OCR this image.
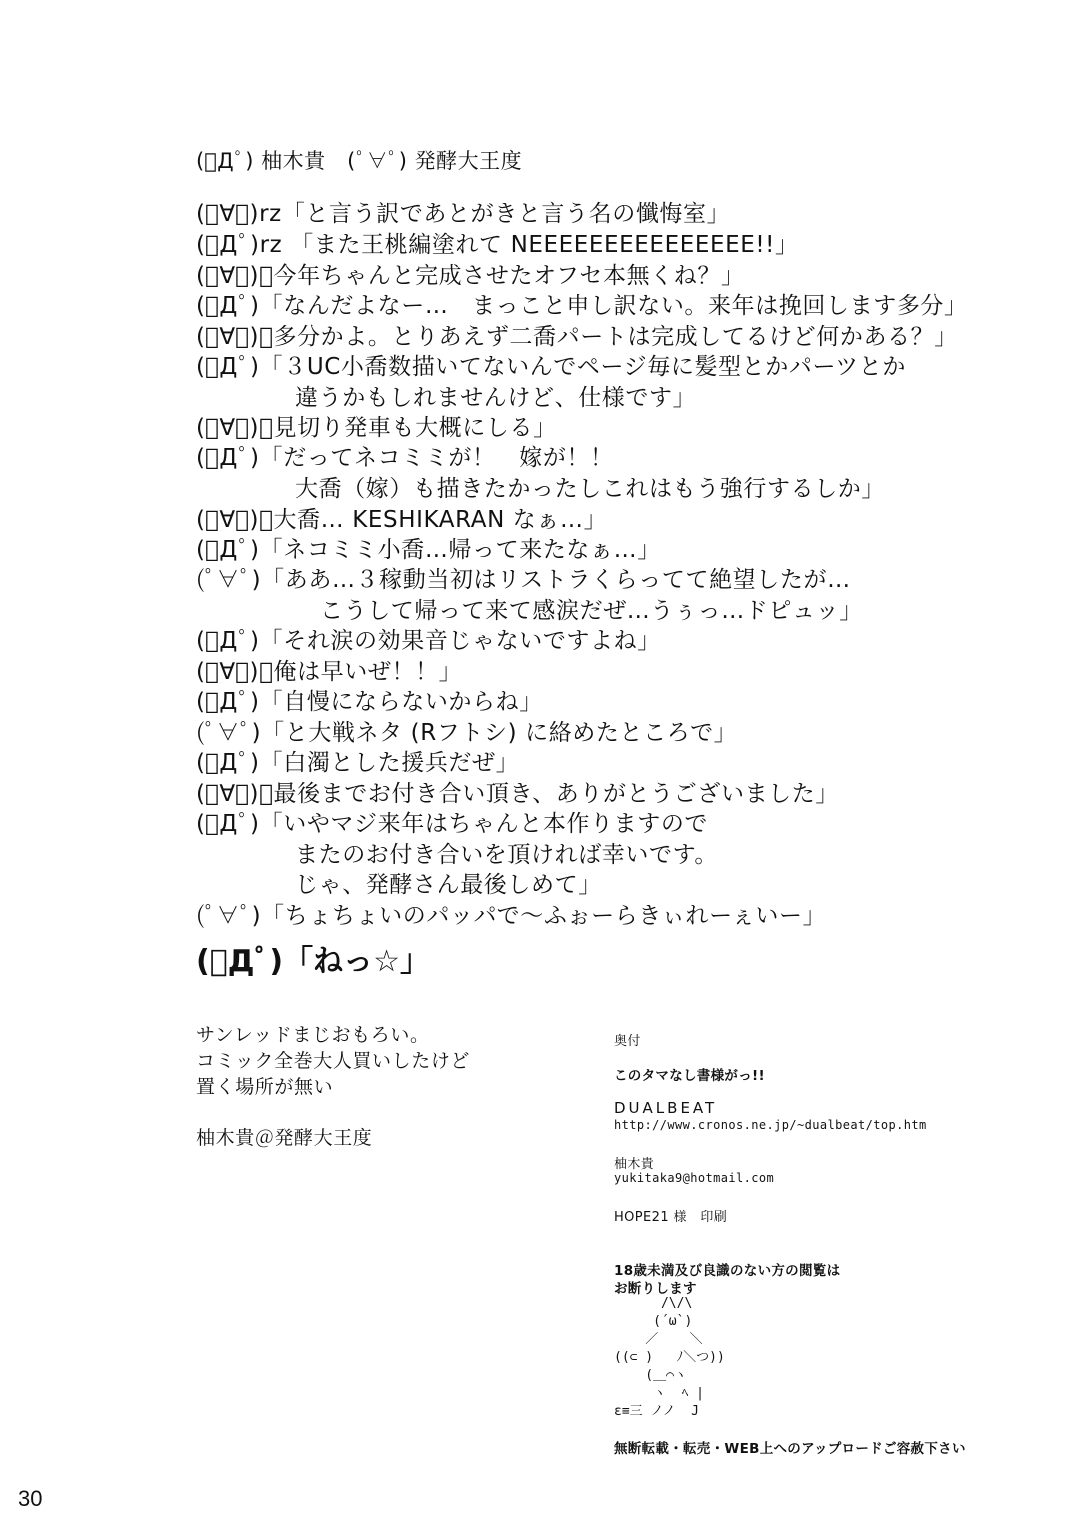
(ﾟДﾟ) 柚木貴　(ﾟ∀ﾟ) 発酵大王度
(ﾟ∀ﾟ)rz「と言う訳であとがきと言う名の懺悔室」
(ﾟДﾟ)rz 「また王桃編塗れて NEEEEEEEEEEEEEEE!!」
(ﾟ∀ﾟ)「今年ちゃんと完成させたオフセ本無くね？」
(ﾟДﾟ)「なんだよなー…　まっこと申し訳ない。来年は挽回します多分」
(ﾟ∀ﾟ)「多分かよ。とりあえず二喬パートは完成してるけど何かある？」
(ﾟДﾟ)「３UC小喬数描いてないんでページ毎に髪型とかパーツとか
違うかもしれませんけど、仕様です」
(ﾟ∀ﾟ)「見切り発車も大概にしる」
(ﾟДﾟ)「だってネコミミが！　嫁が！！
大喬（嫁）も描きたかったしこれはもう強行するしか」
(ﾟ∀ﾟ)「大喬… KESHIKARAN なぁ…」
(ﾟДﾟ)「ネコミミ小喬…帰って来たなぁ…」
(ﾟ∀ﾟ)「ああ…３稼動当初はリストラくらってて絶望したが…
こうして帰って来て感涙だぜ…うぅっ…ドピュッ」
(ﾟДﾟ)「それ涙の効果音じゃないですよね」
(ﾟ∀ﾟ)「俺は早いぜ！！」
(ﾟДﾟ)「自慢にならないからね」
(ﾟ∀ﾟ)「と大戦ネタ (Rフトシ) に絡めたところで」
(ﾟДﾟ)「白濁とした援兵だぜ」
(ﾟ∀ﾟ)「最後までお付き合い頂き、ありがとうございました」
(ﾟДﾟ)「いやマジ来年はちゃんと本作りますので
またのお付き合いを頂ければ幸いです。
じゃ、発酵さん最後しめて」
(ﾟ∀ﾟ)「ちょちょいのパッパで～ふぉーらきぃれーぇいー」
(ﾟДﾟ)「ねっ☆」
サンレッドまじおもろい。
コミック全巻大人買いしたけど
置く場所が無い
柚木貴＠発酵大王度
奥付
このタマなし書様がっ!!
DUALBEAT
http://www.cronos.ne.jp/~dualbeat/top.htm
柚木貴
yukitaka9@hotmail.com
HOPE21 様　印刷
18歳未満及び良識のない方の閲覧は
お断りします
/\/\
(´ω`)
／    ＼
((⊂ )   ﾉ＼つ))
(＿⌒ヽ
ヽ  ﾍ |
ε≡三 ノノ  J
無断転載・転売・WEB上へのアップロードご容赦下さい
30
